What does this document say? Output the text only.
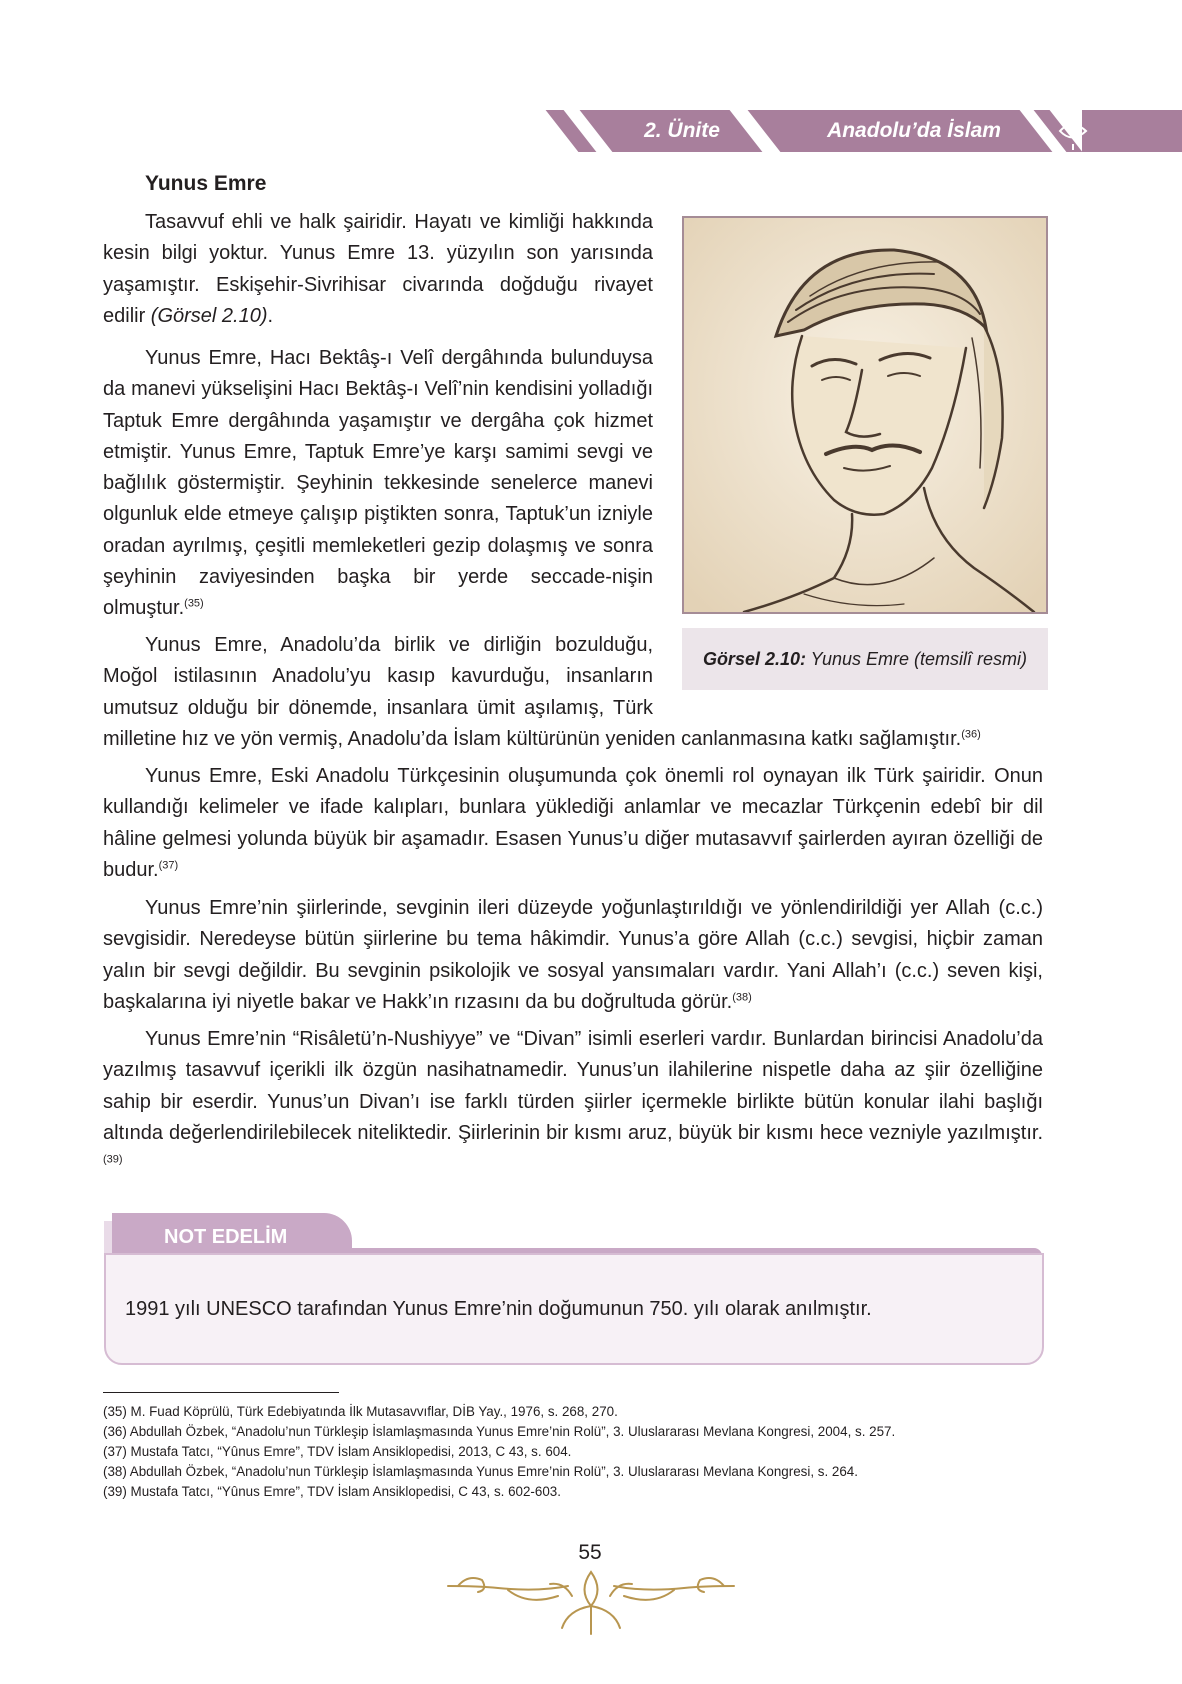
2. Ünite	Anadolu’da İslam
Yunus Emre

Tasavvuf ehli ve halk şairidir. Hayatı ve kimliği hakkında kesin bilgi yoktur. Yunus Emre 13. yüzyılın son yarısında yaşamıştır. Eskişehir-Sivrihisar civarında doğduğu rivayet edilir (Görsel 2.10).

Yunus Emre, Hacı Bektâş-ı Velî dergâhında bulunduysa da manevi yükselişini Hacı Bektâş-ı Velî’nin kendisini yolladığı Taptuk Emre dergâhında yaşamıştır ve dergâha çok hizmet etmiştir. Yunus Emre, Taptuk Emre’ye karşı samimi sevgi ve bağlılık göstermiştir. Şeyhinin tekkesinde senelerce manevi olgunluk elde etmeye çalışıp piştikten sonra, Taptuk’un izniyle oradan ayrılmış, çeşitli memleketleri gezip dolaşmış ve sonra şeyhinin zaviyesinden başka bir yerde seccade-nişin olmuştur.$^{(35)}$

Yunus Emre, Anadolu’da birlik ve dirliğin bozulduğu,
Moğol istilasının Anadolu’yu kasıp kavurduğu, insanların
umutsuz olduğu bir dönemde, insanlara ümit aşılamış, Türk
milletine hız ve yön vermiş, Anadolu’da İslam kültürünün yeniden canlanmasına katkı sağlamıştır.$^{(36)}$

Yunus Emre, Eski Anadolu Türkçesinin oluşumunda çok önemli rol oynayan ilk Türk şairidir. Onun kullandığı kelimeler ve ifade kalıpları, bunlara yüklediği anlamlar ve mecazlar Türkçenin edebî bir dil hâline gelmesi yolunda büyük bir aşamadır. Esasen Yunus’u diğer mutasavvıf şairlerden ayıran özelliği de budur.$^{(37)}$

Yunus Emre’nin şiirlerinde, sevginin ileri düzeyde yoğunlaştırıldığı ve yönlendirildiği yer Allah (c.c.) sevgisidir. Neredeyse bütün şiirlerine bu tema hâkimdir. Yunus’a göre Allah (c.c.) sevgisi, hiçbir zaman yalın bir sevgi değildir. Bu sevginin psikolojik ve sosyal yansımaları vardır. Yani Allah’ı (c.c.) seven kişi, başkalarına iyi niyetle bakar ve Hakk’ın rızasını da bu doğrultuda görür.$^{(38)}$

Yunus Emre’nin “Risâletü’n-Nushiyye” ve “Divan” isimli eserleri vardır. Bunlardan birincisi Anadolu’da yazılmış tasavvuf içerikli ilk özgün nasihatnamedir. Yunus’un ilahilerine nispetle daha az şiir özelliğine sahip bir eserdir. Yunus’un Divan’ı ise farklı türden şiirler içermekle birlikte bütün konular ilahi başlığı altında değerlendirilebilecek niteliktedir. Şiirlerinin bir kısmı aruz, büyük bir kısmı hece vezniyle yazılmıştır.$^{(39)}$

Görsel 2.10: Yunus Emre (temsilî resmi)
NOT EDELİM
1991 yılı UNESCO tarafından Yunus Emre’nin doğumunun 750. yılı olarak anılmıştır.
(35) M. Fuad Köprülü, Türk Edebiyatında İlk Mutasavvıflar, DİB Yay., 1976, s. 268, 270.
(36) Abdullah Özbek, “Anadolu’nun Türkleşip İslamlaşmasında Yunus Emre’nin Rolü”, 3. Uluslararası Mevlana Kongresi, 2004, s. 257.
(37) Mustafa Tatcı, “Yûnus Emre”, TDV İslam Ansiklopedisi, 2013, C 43, s. 604.
(38) Abdullah Özbek, “Anadolu’nun Türkleşip İslamlaşmasında Yunus Emre’nin Rolü”, 3. Uluslararası Mevlana Kongresi, s. 264.
(39) Mustafa Tatcı, “Yûnus Emre”, TDV İslam Ansiklopedisi, C 43, s. 602-603.
55
